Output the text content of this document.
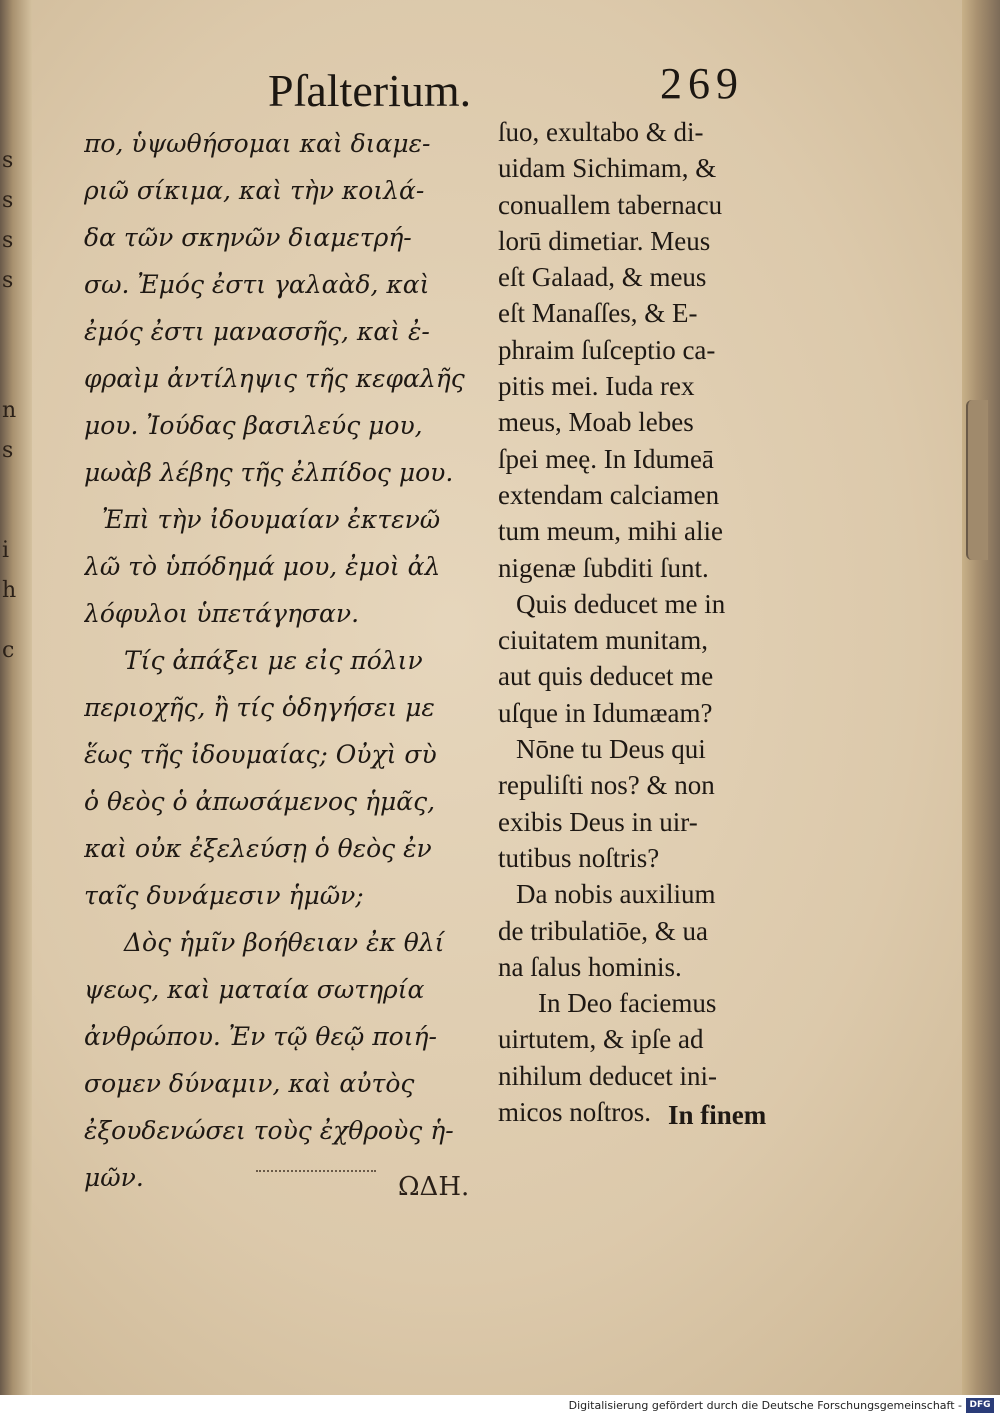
s
s
s
s
n
s
i
h
c
Pſalterium.	269
πο, ὑψωθήσομαι καὶ διαμε-
ριῶ σίκιμα, καὶ τὴν κοιλά-
δα τῶν σκηνῶν διαμετρή-
σω. Ἐμός ἐστι γαλαὰδ, καὶ
ἐμός ἐστι μανασσῆς, καὶ ἐ-
φραὶμ ἀντίληψις τῆς κεφαλῆς
μου. Ἰούδας βασιλεύς μου,
μωὰβ λέβης τῆς ἐλπίδος μου.
Ἐπὶ τὴν ἰδουμαίαν ἐκτενῶ
λῶ τὸ ὑπόδημά μου, ἐμοὶ ἀλ
λόφυλοι ὑπετάγησαν.
Τίς ἀπάξει με εἰς πόλιν
περιοχῆς, ἢ τίς ὁδηγήσει με
ἕως τῆς ἰδουμαίας; Οὐχὶ σὺ
ὁ θεὸς ὁ ἀπωσάμενος ἡμᾶς,
καὶ οὐκ ἐξελεύσῃ ὁ θεὸς ἐν
ταῖς δυνάμεσιν ἡμῶν;
Δὸς ἡμῖν βοήθειαν ἐκ θλί
ψεως, καὶ ματαία σωτηρία
ἀνθρώπου. Ἐν τῷ θεῷ ποιή-
σομεν δύναμιν, καὶ αὐτὸς
ἐξουδενώσει τοὺς ἐχθροὺς ἡ-
μῶν.
ſuo, exultabo & di-
uidam Sichimam, &
conuallem tabernacu
lorū dimetiar. Meus
eſt Galaad, & meus
eſt Manaſſes, & E-
phraim ſuſceptio ca-
pitis mei. Iuda rex
meus, Moab lebes
ſpei meę. In Idumeā
extendam calciamen
tum meum, mihi alie
nigenæ ſubditi ſunt.
Quis deducet me in
ciuitatem munitam,
aut quis deducet me
uſque in Idumæam?
Nōne tu Deus qui
repuliſti nos? & non
exibis Deus in uir-
tutibus noſtris?
Da nobis auxilium
de tribulatiōe, & ua
na ſalus hominis.
In Deo faciemus
uirtutem, & ipſe ad
nihilum deducet ini-
micos noſtros. In finem
ΩΔΗ.
Digitalisierung gefördert durch die Deutsche Forschungsgemeinschaft - DFG
